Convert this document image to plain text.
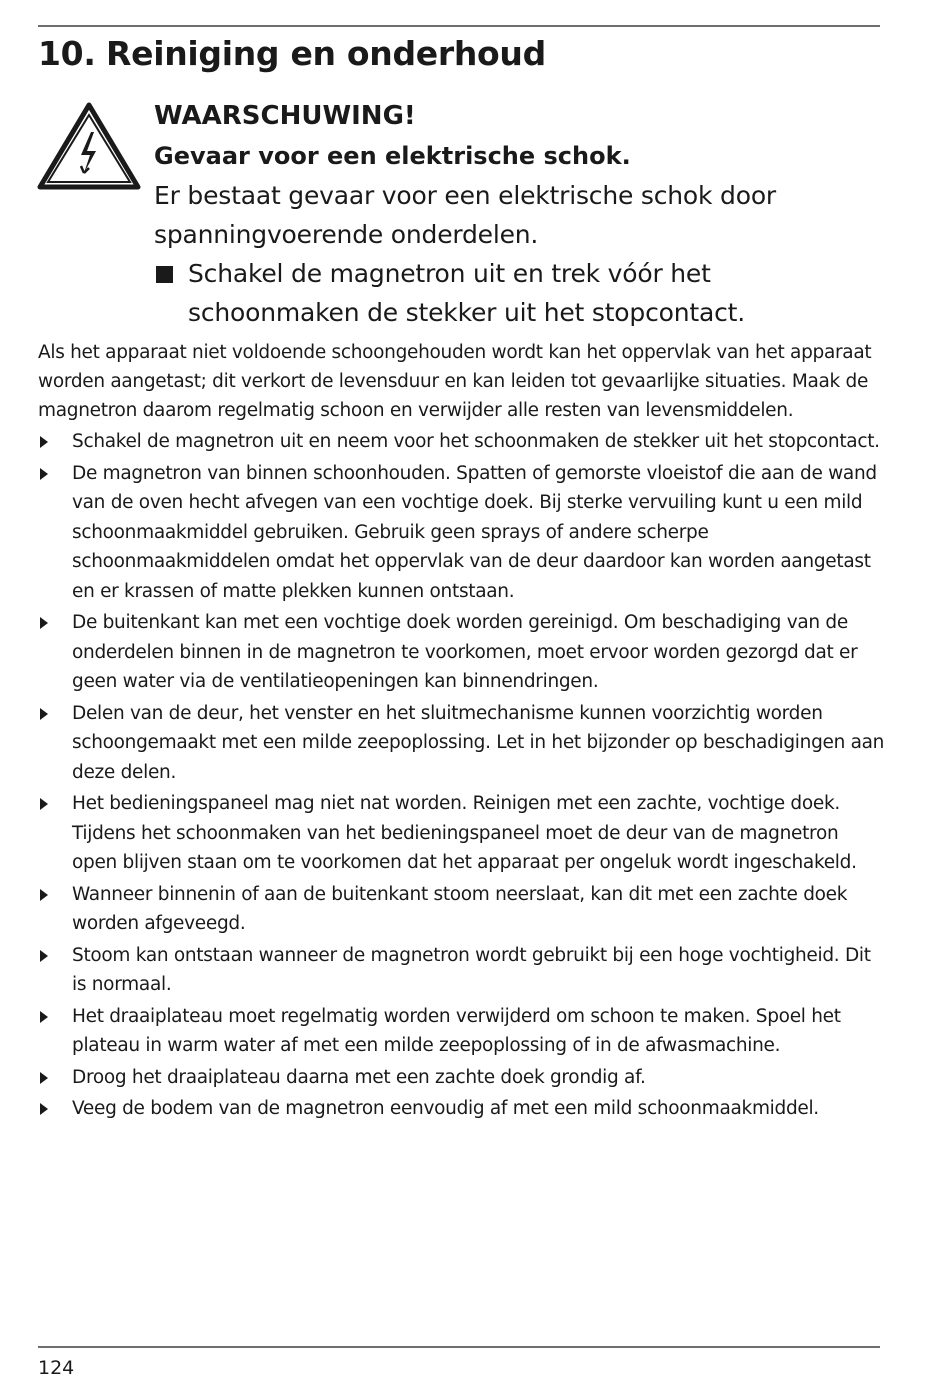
10. Reiniging en onderhoud
WAARSCHUWING!
Gevaar voor een elektrische schok.
Er bestaat gevaar voor een elektrische schok door spanningvoerende onderdelen.
Schakel de magnetron uit en trek vóór het schoonmaken de stekker uit het stopcontact.

Als het apparaat niet voldoende schoongehouden wordt kan het oppervlak van het apparaat worden aangetast; dit verkort de levensduur en kan leiden tot gevaarlijke situaties. Maak de magnetron daarom regelmatig schoon en verwijder alle resten van levensmiddelen.

Schakel de magnetron uit en neem voor het schoonmaken de stekker uit het stopcontact.
De magnetron van binnen schoonhouden. Spatten of gemorste vloeistof die aan de wand van de oven hecht afvegen van een vochtige doek. Bij sterke vervuiling kunt u een mild schoonmaakmiddel gebruiken. Gebruik geen sprays of andere scherpe schoonmaakmiddelen omdat het oppervlak van de deur daardoor kan worden aangetast en er krassen of matte plekken kunnen ontstaan.
De buitenkant kan met een vochtige doek worden gereinigd. Om beschadiging van de onderdelen binnen in de magnetron te voorkomen, moet ervoor worden gezorgd dat er geen water via de ventilatieopeningen kan binnendringen.
Delen van de deur, het venster en het sluitmechanisme kunnen voorzichtig worden schoongemaakt met een milde zeepoplossing. Let in het bijzonder op beschadigingen aan deze delen.
Het bedieningspaneel mag niet nat worden. Reinigen met een zachte, vochtige doek. Tijdens het schoonmaken van het bedieningspaneel moet de deur van de magnetron open blijven staan om te voorkomen dat het apparaat per ongeluk wordt ingeschakeld.
Wanneer binnenin of aan de buitenkant stoom neerslaat, kan dit met een zachte doek worden afgeveegd.
Stoom kan ontstaan wanneer de magnetron wordt gebruikt bij een hoge vochtigheid. Dit is normaal.
Het draaiplateau moet regelmatig worden verwijderd om schoon te maken. Spoel het plateau in warm water af met een milde zeepoplossing of in de afwasmachine.
Droog het draaiplateau daarna met een zachte doek grondig af.
Veeg de bodem van de magnetron eenvoudig af met een mild schoonmaakmiddel.
124
